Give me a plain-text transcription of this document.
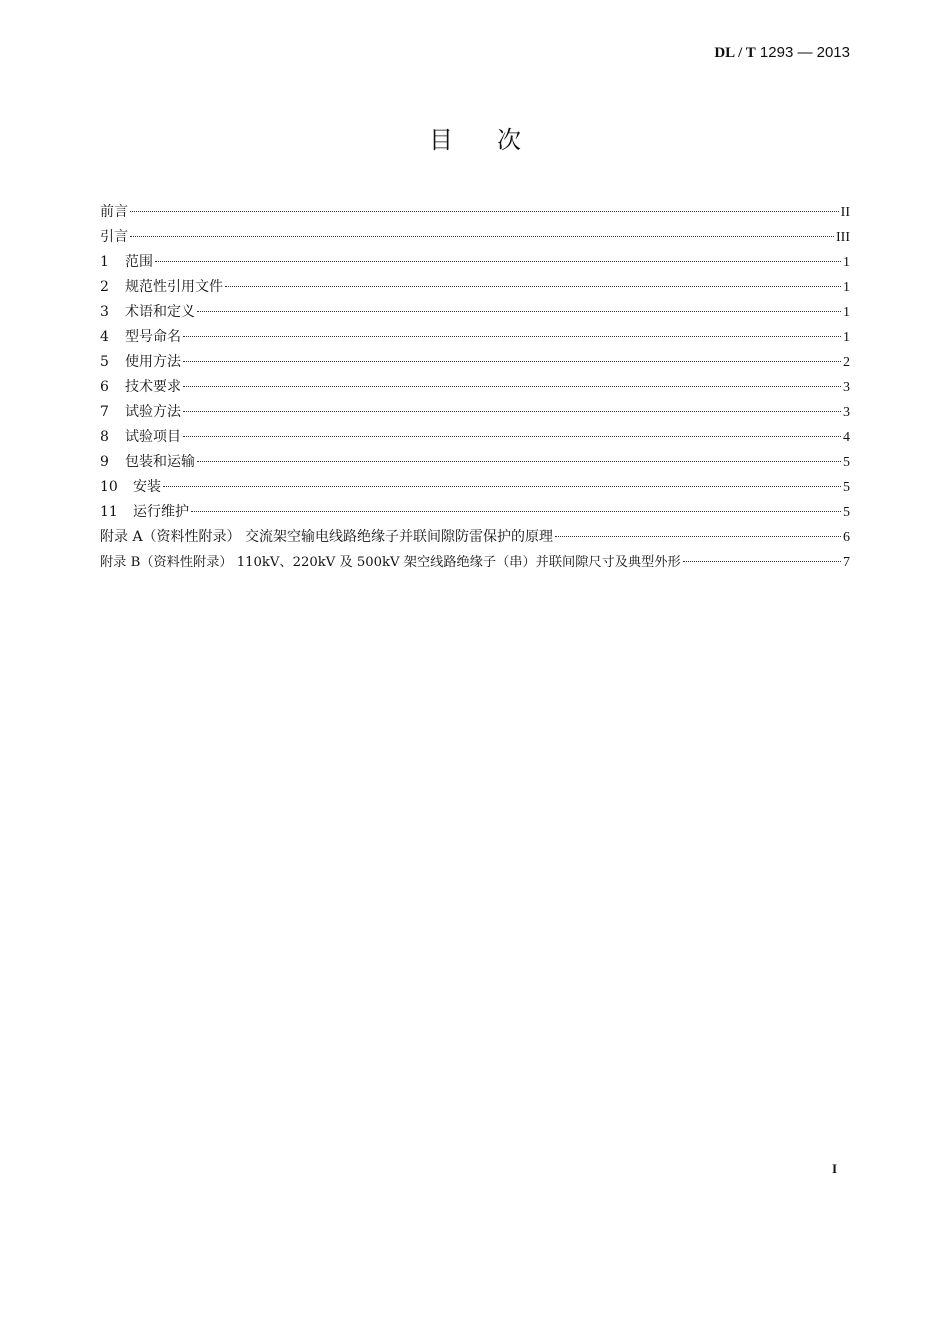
DL / T 1293 — 2013
目次
前言	II
引言	III
1	范围	1
2	规范性引用文件	1
3	术语和定义	1
4	型号命名	1
5	使用方法	2
6	技术要求	3
7	试验方法	3
8	试验项目	4
9	包装和运输	5
10	安装	5
11	运行维护	5
附录 A（资料性附录） 交流架空输电线路绝缘子并联间隙防雷保护的原理	6
附录 B（资料性附录） 110kV、220kV 及 500kV 架空线路绝缘子（串）并联间隙尺寸及典型外形	7
I
